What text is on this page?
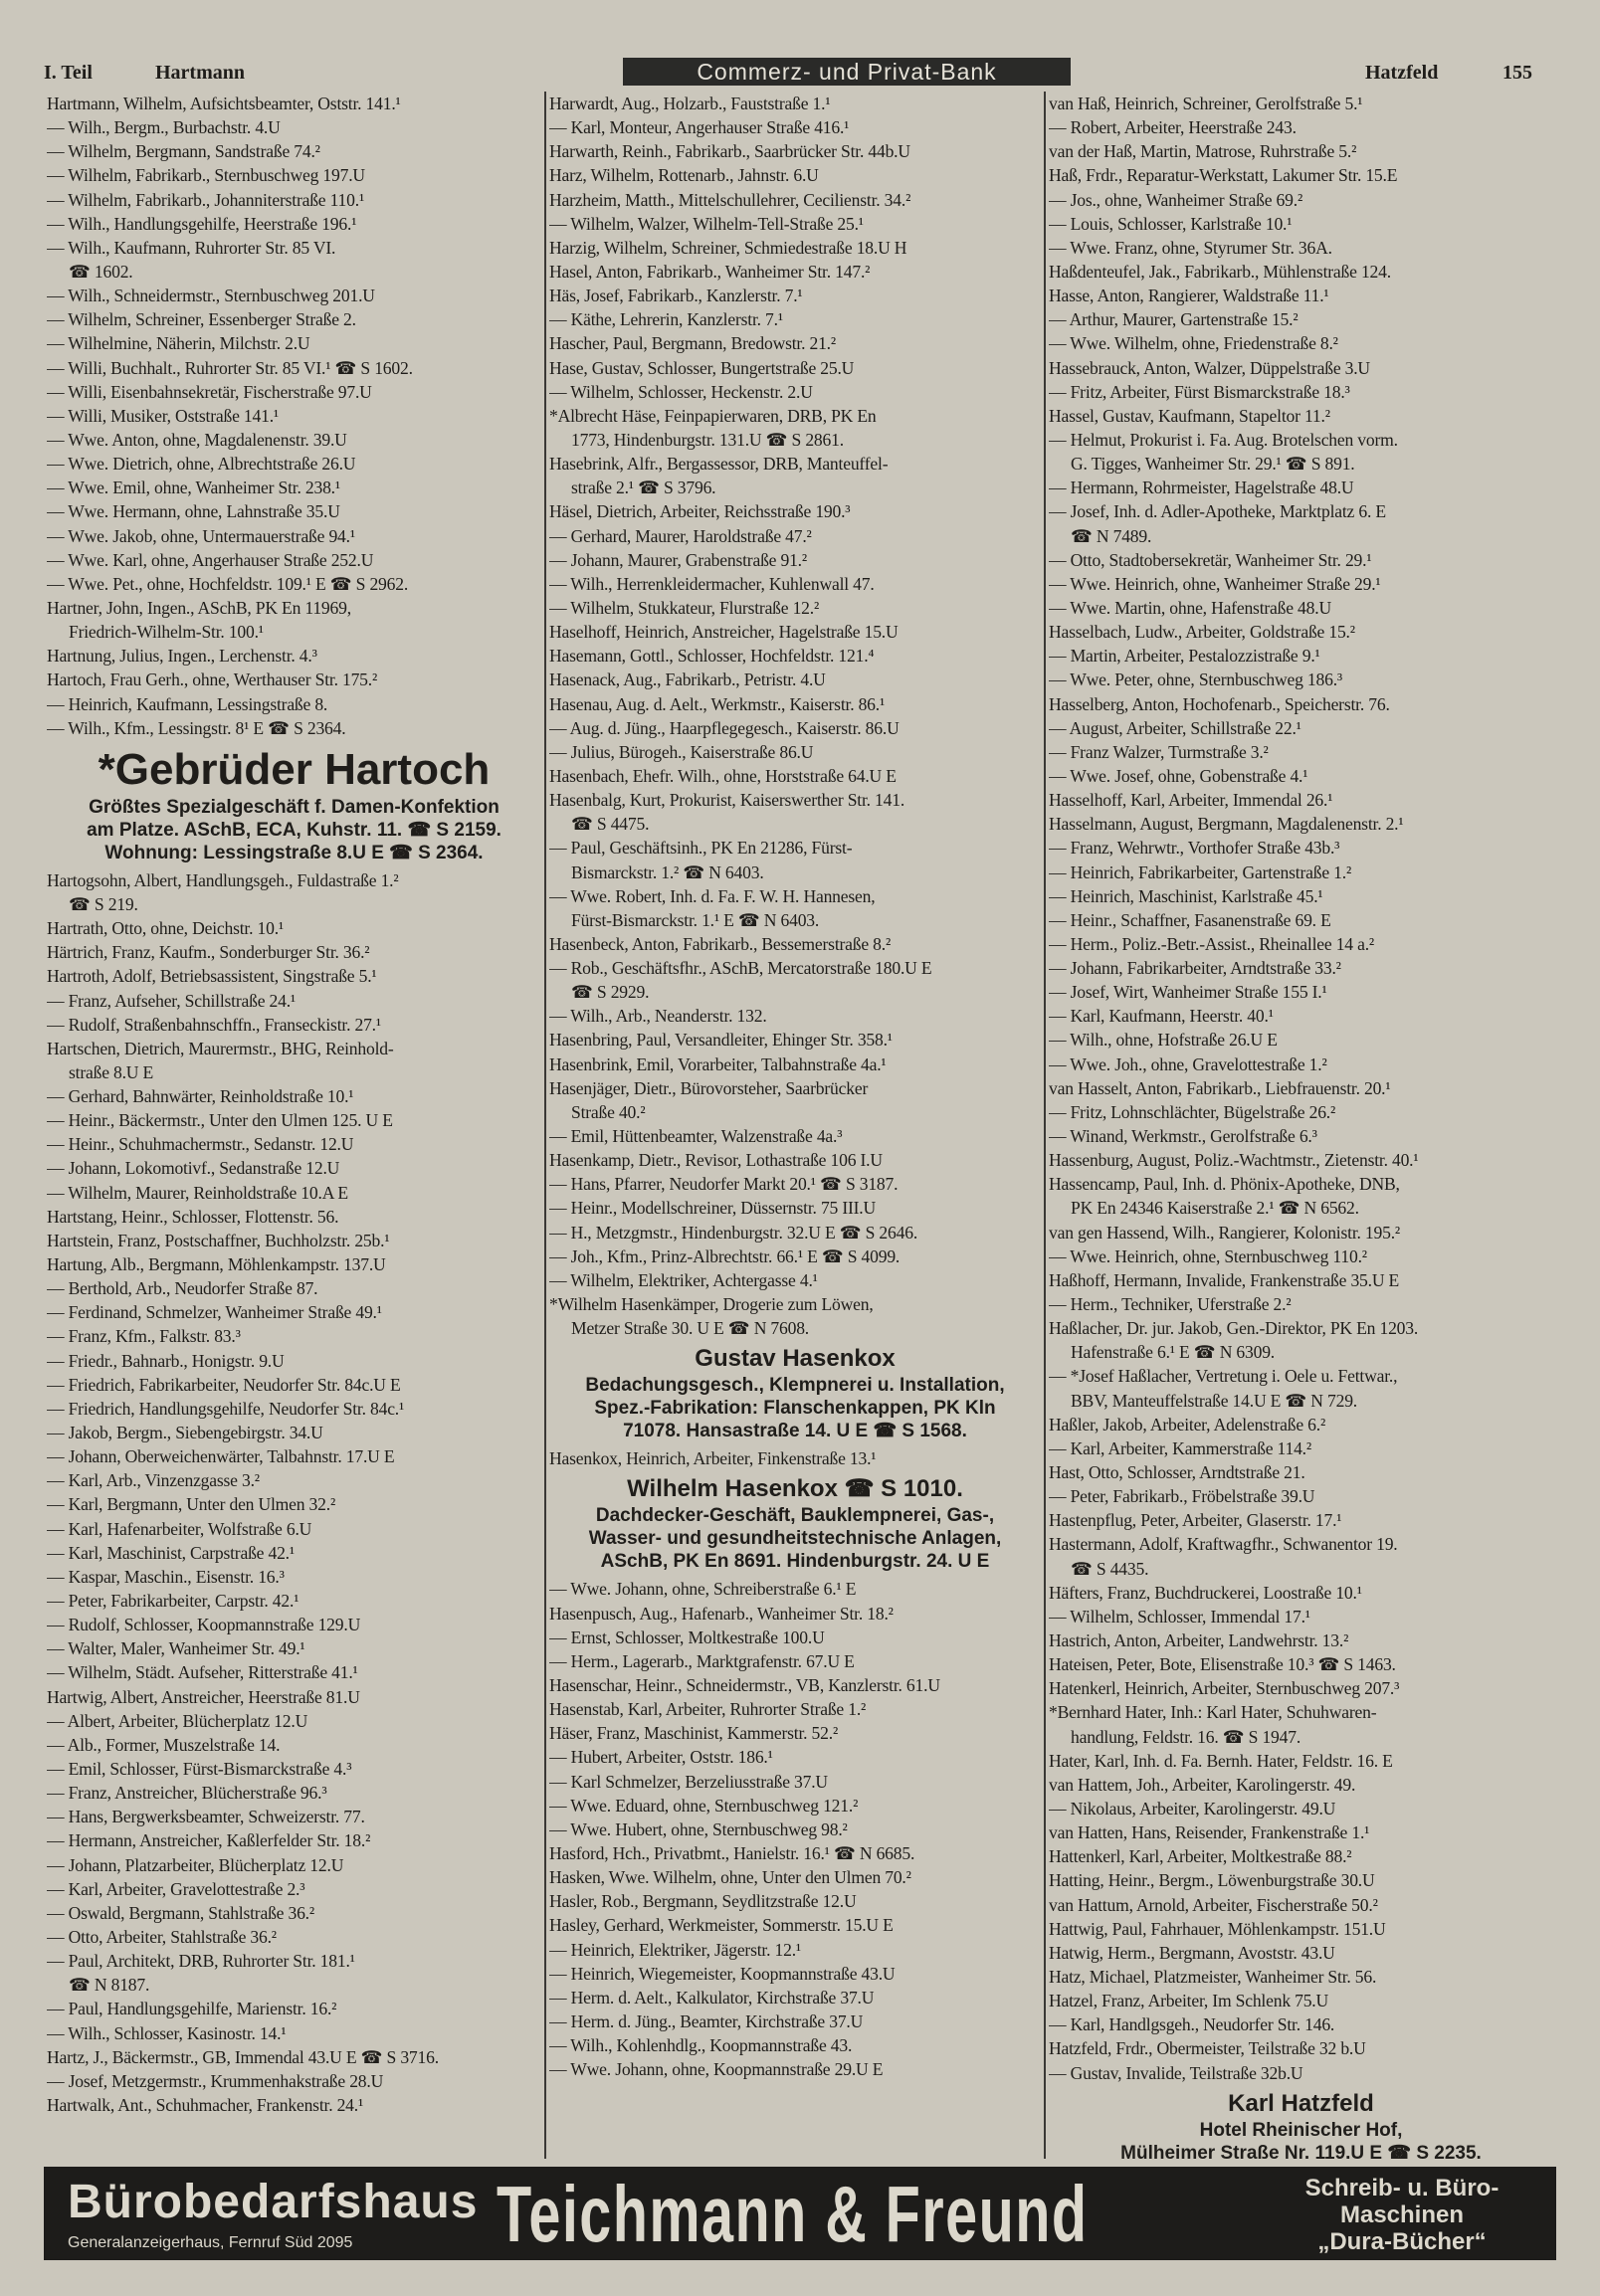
I. Teil	Hartmann	Commerz- und Privat-Bank	Hatzfeld	155
Hartmann, Wilhelm, Aufsichtsbeamter, Oststr. 141.¹
— Wilh., Bergm., Burbachstr. 4.U
— Wilhelm, Bergmann, Sandstraße 74.²
— Wilhelm, Fabrikarb., Sternbuschweg 197.U
— Wilhelm, Fabrikarb., Johanniterstraße 110.¹
— Wilh., Handlungsgehilfe, Heerstraße 196.¹
— Wilh., Kaufmann, Ruhrorter Str. 85 VI.
☎ 1602.
— Wilh., Schneidermstr., Sternbuschweg 201.U
— Wilhelm, Schreiner, Essenberger Straße 2.
— Wilhelmine, Näherin, Milchstr. 2.U
— Willi, Buchhalt., Ruhrorter Str. 85 VI.¹ ☎ S 1602.
— Willi, Eisenbahnsekretär, Fischerstraße 97.U
— Willi, Musiker, Oststraße 141.¹
— Wwe. Anton, ohne, Magdalenenstr. 39.U
— Wwe. Dietrich, ohne, Albrechtstraße 26.U
— Wwe. Emil, ohne, Wanheimer Str. 238.¹
— Wwe. Hermann, ohne, Lahnstraße 35.U
— Wwe. Jakob, ohne, Untermauerstraße 94.¹
— Wwe. Karl, ohne, Angerhauser Straße 252.U
— Wwe. Pet., ohne, Hochfeldstr. 109.¹ E ☎ S 2962.
Hartner, John, Ingen., ASchB, PK En 11969,
Friedrich-Wilhelm-Str. 100.¹
Hartnung, Julius, Ingen., Lerchenstr. 4.³
Hartoch, Frau Gerh., ohne, Werthauser Str. 175.²
— Heinrich, Kaufmann, Lessingstraße 8.
— Wilh., Kfm., Lessingstr. 8¹ E ☎ S 2364.
*Gebrüder Hartoch
Größtes Spezialgeschäft f. Damen-Konfektion
am Platze. ASchB, ECA, Kuhstr. 11. ☎ S 2159.
Wohnung: Lessingstraße 8.U E ☎ S 2364.
Hartogsohn, Albert, Handlungsgeh., Fuldastraße 1.²
☎ S 219.
Hartrath, Otto, ohne, Deichstr. 10.¹
Härtrich, Franz, Kaufm., Sonderburger Str. 36.²
Hartroth, Adolf, Betriebsassistent, Singstraße 5.¹
— Franz, Aufseher, Schillstraße 24.¹
— Rudolf, Straßenbahnschffn., Franseckistr. 27.¹
Hartschen, Dietrich, Maurermstr., BHG, Reinhold-
straße 8.U E
— Gerhard, Bahnwärter, Reinholdstraße 10.¹
— Heinr., Bäckermstr., Unter den Ulmen 125. U E
— Heinr., Schuhmachermstr., Sedanstr. 12.U
— Johann, Lokomotivf., Sedanstraße 12.U
— Wilhelm, Maurer, Reinholdstraße 10.A E
Hartstang, Heinr., Schlosser, Flottenstr. 56.
Hartstein, Franz, Postschaffner, Buchholzstr. 25b.¹
Hartung, Alb., Bergmann, Möhlenkampstr. 137.U
— Berthold, Arb., Neudorfer Straße 87.
— Ferdinand, Schmelzer, Wanheimer Straße 49.¹
— Franz, Kfm., Falkstr. 83.³
— Friedr., Bahnarb., Honigstr. 9.U
— Friedrich, Fabrikarbeiter, Neudorfer Str. 84c.U E
— Friedrich, Handlungsgehilfe, Neudorfer Str. 84c.¹
— Jakob, Bergm., Siebengebirgstr. 34.U
— Johann, Oberweichenwärter, Talbahnstr. 17.U E
— Karl, Arb., Vinzenzgasse 3.²
— Karl, Bergmann, Unter den Ulmen 32.²
— Karl, Hafenarbeiter, Wolfstraße 6.U
— Karl, Maschinist, Carpstraße 42.¹
— Kaspar, Maschin., Eisenstr. 16.³
— Peter, Fabrikarbeiter, Carpstr. 42.¹
— Rudolf, Schlosser, Koopmannstraße 129.U
— Walter, Maler, Wanheimer Str. 49.¹
— Wilhelm, Städt. Aufseher, Ritterstraße 41.¹
Hartwig, Albert, Anstreicher, Heerstraße 81.U
— Albert, Arbeiter, Blücherplatz 12.U
— Alb., Former, Muszelstraße 14.
— Emil, Schlosser, Fürst-Bismarckstraße 4.³
— Franz, Anstreicher, Blücherstraße 96.³
— Hans, Bergwerksbeamter, Schweizerstr. 77.
— Hermann, Anstreicher, Kaßlerfelder Str. 18.²
— Johann, Platzarbeiter, Blücherplatz 12.U
— Karl, Arbeiter, Gravelottestraße 2.³
— Oswald, Bergmann, Stahlstraße 36.²
— Otto, Arbeiter, Stahlstraße 36.²
— Paul, Architekt, DRB, Ruhrorter Str. 181.¹
☎ N 8187.
— Paul, Handlungsgehilfe, Marienstr. 16.²
— Wilh., Schlosser, Kasinostr. 14.¹
Hartz, J., Bäckermstr., GB, Immendal 43.U E ☎ S 3716.
— Josef, Metzgermstr., Krummenhakstraße 28.U
Hartwalk, Ant., Schuhmacher, Frankenstr. 24.¹
Harwardt, Aug., Holzarb., Fauststraße 1.¹
— Karl, Monteur, Angerhauser Straße 416.¹
Harwarth, Reinh., Fabrikarb., Saarbrücker Str. 44b.U
Harz, Wilhelm, Rottenarb., Jahnstr. 6.U
Harzheim, Matth., Mittelschullehrer, Cecilienstr. 34.²
— Wilhelm, Walzer, Wilhelm-Tell-Straße 25.¹
Harzig, Wilhelm, Schreiner, Schmiedestraße 18.U H
Hasel, Anton, Fabrikarb., Wanheimer Str. 147.²
Häs, Josef, Fabrikarb., Kanzlerstr. 7.¹
— Käthe, Lehrerin, Kanzlerstr. 7.¹
Hascher, Paul, Bergmann, Bredowstr. 21.²
Hase, Gustav, Schlosser, Bungertstraße 25.U
— Wilhelm, Schlosser, Heckenstr. 2.U
*Albrecht Häse, Feinpapierwaren, DRB, PK En
1773, Hindenburgstr. 131.U ☎ S 2861.
Hasebrink, Alfr., Bergassessor, DRB, Manteuffel-
straße 2.¹ ☎ S 3796.
Häsel, Dietrich, Arbeiter, Reichsstraße 190.³
— Gerhard, Maurer, Haroldstraße 47.²
— Johann, Maurer, Grabenstraße 91.²
— Wilh., Herrenkleidermacher, Kuhlenwall 47.
— Wilhelm, Stukkateur, Flurstraße 12.²
Haselhoff, Heinrich, Anstreicher, Hagelstraße 15.U
Hasemann, Gottl., Schlosser, Hochfeldstr. 121.⁴
Hasenack, Aug., Fabrikarb., Petristr. 4.U
Hasenau, Aug. d. Aelt., Werkmstr., Kaiserstr. 86.¹
— Aug. d. Jüng., Haarpflegegesch., Kaiserstr. 86.U
— Julius, Bürogeh., Kaiserstraße 86.U
Hasenbach, Ehefr. Wilh., ohne, Horststraße 64.U E
Hasenbalg, Kurt, Prokurist, Kaiserswerther Str. 141.
☎ S 4475.
— Paul, Geschäftsinh., PK En 21286, Fürst-
Bismarckstr. 1.² ☎ N 6403.
— Wwe. Robert, Inh. d. Fa. F. W. H. Hannesen,
Fürst-Bismarckstr. 1.¹ E ☎ N 6403.
Hasenbeck, Anton, Fabrikarb., Bessemerstraße 8.²
— Rob., Geschäftsfhr., ASchB, Mercatorstraße 180.U E
☎ S 2929.
— Wilh., Arb., Neanderstr. 132.
Hasenbring, Paul, Versandleiter, Ehinger Str. 358.¹
Hasenbrink, Emil, Vorarbeiter, Talbahnstraße 4a.¹
Hasenjäger, Dietr., Bürovorsteher, Saarbrücker
Straße 40.²
— Emil, Hüttenbeamter, Walzenstraße 4a.³
Hasenkamp, Dietr., Revisor, Lothastraße 106 I.U
— Hans, Pfarrer, Neudorfer Markt 20.¹ ☎ S 3187.
— Heinr., Modellschreiner, Düssernstr. 75 III.U
— H., Metzgmstr., Hindenburgstr. 32.U E ☎ S 2646.
— Joh., Kfm., Prinz-Albrechtstr. 66.¹ E ☎ S 4099.
— Wilhelm, Elektriker, Achtergasse 4.¹
*Wilhelm Hasenkämper, Drogerie zum Löwen,
Metzer Straße 30. U E ☎ N 7608.
Gustav Hasenkox
Bedachungsgesch., Klempnerei u. Installation,
Spez.-Fabrikation: Flanschenkappen, PK Kln
71078. Hansastraße 14. U E ☎ S 1568.
Hasenkox, Heinrich, Arbeiter, Finkenstraße 13.¹
Wilhelm Hasenkox ☎ S 1010.
Dachdecker-Geschäft, Bauklempnerei, Gas-,
Wasser- und gesundheitstechnische Anlagen,
ASchB, PK En 8691. Hindenburgstr. 24. U E
— Wwe. Johann, ohne, Schreiberstraße 6.¹ E
Hasenpusch, Aug., Hafenarb., Wanheimer Str. 18.²
— Ernst, Schlosser, Moltkestraße 100.U
— Herm., Lagerarb., Marktgrafenstr. 67.U E
Hasenschar, Heinr., Schneidermstr., VB, Kanzlerstr. 61.U
Hasenstab, Karl, Arbeiter, Ruhrorter Straße 1.²
Häser, Franz, Maschinist, Kammerstr. 52.²
— Hubert, Arbeiter, Oststr. 186.¹
— Karl Schmelzer, Berzeliusstraße 37.U
— Wwe. Eduard, ohne, Sternbuschweg 121.²
— Wwe. Hubert, ohne, Sternbuschweg 98.²
Hasford, Hch., Privatbmt., Hanielstr. 16.¹ ☎ N 6685.
Hasken, Wwe. Wilhelm, ohne, Unter den Ulmen 70.²
Hasler, Rob., Bergmann, Seydlitzstraße 12.U
Hasley, Gerhard, Werkmeister, Sommerstr. 15.U E
— Heinrich, Elektriker, Jägerstr. 12.¹
— Heinrich, Wiegemeister, Koopmannstraße 43.U
— Herm. d. Aelt., Kalkulator, Kirchstraße 37.U
— Herm. d. Jüng., Beamter, Kirchstraße 37.U
— Wilh., Kohlenhdlg., Koopmannstraße 43.
— Wwe. Johann, ohne, Koopmannstraße 29.U E
van Haß, Heinrich, Schreiner, Gerolfstraße 5.¹
— Robert, Arbeiter, Heerstraße 243.
van der Haß, Martin, Matrose, Ruhrstraße 5.²
Haß, Frdr., Reparatur-Werkstatt, Lakumer Str. 15.E
— Jos., ohne, Wanheimer Straße 69.²
— Louis, Schlosser, Karlstraße 10.¹
— Wwe. Franz, ohne, Styrumer Str. 36A.
Haßdenteufel, Jak., Fabrikarb., Mühlenstraße 124.
Hasse, Anton, Rangierer, Waldstraße 11.¹
— Arthur, Maurer, Gartenstraße 15.²
— Wwe. Wilhelm, ohne, Friedenstraße 8.²
Hassebrauck, Anton, Walzer, Düppelstraße 3.U
— Fritz, Arbeiter, Fürst Bismarckstraße 18.³
Hassel, Gustav, Kaufmann, Stapeltor 11.²
— Helmut, Prokurist i. Fa. Aug. Brotelschen vorm.
G. Tigges, Wanheimer Str. 29.¹ ☎ S 891.
— Hermann, Rohrmeister, Hagelstraße 48.U
— Josef, Inh. d. Adler-Apotheke, Marktplatz 6. E
☎ N 7489.
— Otto, Stadtobersekretär, Wanheimer Str. 29.¹
— Wwe. Heinrich, ohne, Wanheimer Straße 29.¹
— Wwe. Martin, ohne, Hafenstraße 48.U
Hasselbach, Ludw., Arbeiter, Goldstraße 15.²
— Martin, Arbeiter, Pestalozzistraße 9.¹
— Wwe. Peter, ohne, Sternbuschweg 186.³
Hasselberg, Anton, Hochofenarb., Speicherstr. 76.
— August, Arbeiter, Schillstraße 22.¹
— Franz Walzer, Turmstraße 3.²
— Wwe. Josef, ohne, Gobenstraße 4.¹
Hasselhoff, Karl, Arbeiter, Immendal 26.¹
Hasselmann, August, Bergmann, Magdalenenstr. 2.¹
— Franz, Wehrwtr., Vorthofer Straße 43b.³
— Heinrich, Fabrikarbeiter, Gartenstraße 1.²
— Heinrich, Maschinist, Karlstraße 45.¹
— Heinr., Schaffner, Fasanenstraße 69. E
— Herm., Poliz.-Betr.-Assist., Rheinallee 14 a.²
— Johann, Fabrikarbeiter, Arndtstraße 33.²
— Josef, Wirt, Wanheimer Straße 155 I.¹
— Karl, Kaufmann, Heerstr. 40.¹
— Wilh., ohne, Hofstraße 26.U E
— Wwe. Joh., ohne, Gravelottestraße 1.²
van Hasselt, Anton, Fabrikarb., Liebfrauenstr. 20.¹
— Fritz, Lohnschlächter, Bügelstraße 26.²
— Winand, Werkmstr., Gerolfstraße 6.³
Hassenburg, August, Poliz.-Wachtmstr., Zietenstr. 40.¹
Hassencamp, Paul, Inh. d. Phönix-Apotheke, DNB,
PK En 24346 Kaiserstraße 2.¹ ☎ N 6562.
van gen Hassend, Wilh., Rangierer, Kolonistr. 195.²
— Wwe. Heinrich, ohne, Sternbuschweg 110.²
Haßhoff, Hermann, Invalide, Frankenstraße 35.U E
— Herm., Techniker, Uferstraße 2.²
Haßlacher, Dr. jur. Jakob, Gen.-Direktor, PK En 1203.
Hafenstraße 6.¹ E ☎ N 6309.
— *Josef Haßlacher, Vertretung i. Oele u. Fettwar.,
BBV, Manteuffelstraße 14.U E ☎ N 729.
Haßler, Jakob, Arbeiter, Adelenstraße 6.²
— Karl, Arbeiter, Kammerstraße 114.²
Hast, Otto, Schlosser, Arndtstraße 21.
— Peter, Fabrikarb., Fröbelstraße 39.U
Hastenpflug, Peter, Arbeiter, Glaserstr. 17.¹
Hastermann, Adolf, Kraftwagfhr., Schwanentor 19.
☎ S 4435.
Häfters, Franz, Buchdruckerei, Loostraße 10.¹
— Wilhelm, Schlosser, Immendal 17.¹
Hastrich, Anton, Arbeiter, Landwehrstr. 13.²
Hateisen, Peter, Bote, Elisenstraße 10.³ ☎ S 1463.
Hatenkerl, Heinrich, Arbeiter, Sternbuschweg 207.³
*Bernhard Hater, Inh.: Karl Hater, Schuhwaren-
handlung, Feldstr. 16. ☎ S 1947.
Hater, Karl, Inh. d. Fa. Bernh. Hater, Feldstr. 16. E
van Hattem, Joh., Arbeiter, Karolingerstr. 49.
— Nikolaus, Arbeiter, Karolingerstr. 49.U
van Hatten, Hans, Reisender, Frankenstraße 1.¹
Hattenkerl, Karl, Arbeiter, Moltkestraße 88.²
Hatting, Heinr., Bergm., Löwenburgstraße 30.U
van Hattum, Arnold, Arbeiter, Fischerstraße 50.²
Hattwig, Paul, Fahrhauer, Möhlenkampstr. 151.U
Hatwig, Herm., Bergmann, Avoststr. 43.U
Hatz, Michael, Platzmeister, Wanheimer Str. 56.
Hatzel, Franz, Arbeiter, Im Schlenk 75.U
— Karl, Handlgsgeh., Neudorfer Str. 146.
Hatzfeld, Frdr., Obermeister, Teilstraße 32 b.U
— Gustav, Invalide, Teilstraße 32b.U
Karl Hatzfeld
Hotel Rheinischer Hof,
Mülheimer Straße Nr. 119.U E ☎ S 2235.
Bürobedarfshaus
Generalanzeigerhaus, Fernruf Süd 2095 Teichmann & Freund	Schreib- u. Büro-
Maschinen
„Dura-Bücher“
